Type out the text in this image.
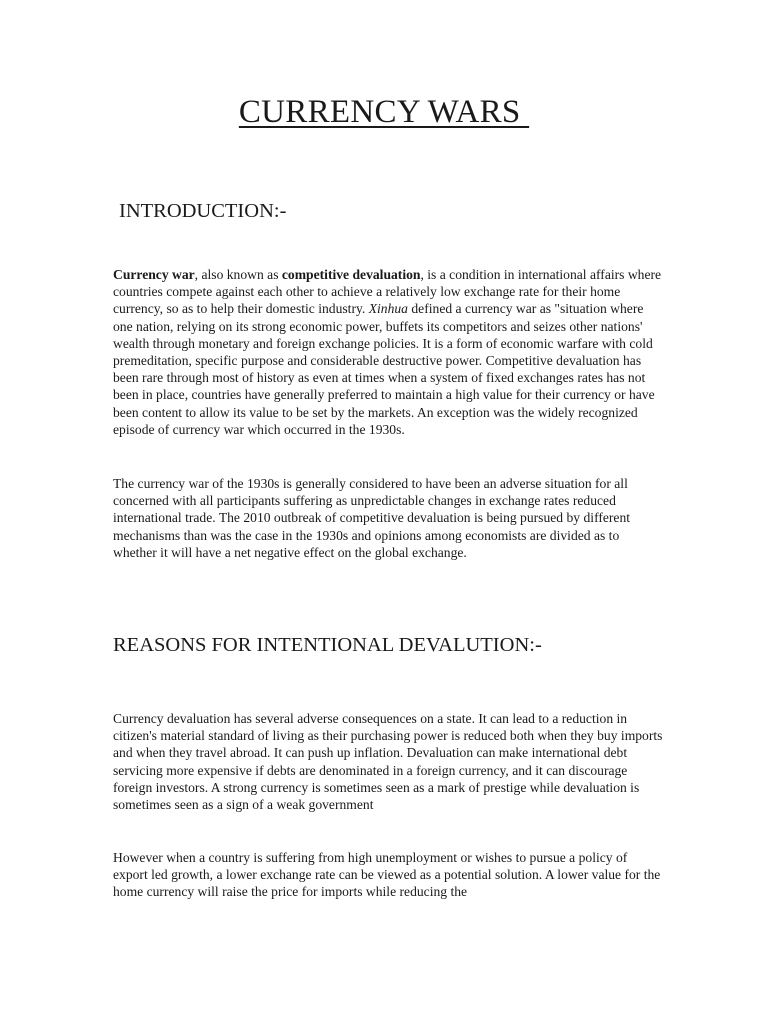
CURRENCY WARS
INTRODUCTION:-

Currency war, also known as competitive devaluation, is a condition in international affairs where countries compete against each other to achieve a relatively low exchange rate for their home currency, so as to help their domestic industry. Xinhua defined a currency war as "situation where one nation, relying on its strong economic power, buffets its competitors and seizes other nations' wealth through monetary and foreign exchange policies. It is a form of economic warfare with cold premeditation, specific purpose and considerable destructive power. Competitive devaluation has been rare through most of history as even at times when a system of fixed exchanges rates has not been in place, countries have generally preferred to maintain a high value for their currency or have been content to allow its value to be set by the markets. An exception was the widely recognized episode of currency war which occurred in the 1930s.

The currency war of the 1930s is generally considered to have been an adverse situation for all concerned with all participants suffering as unpredictable changes in exchange rates reduced international trade. The 2010 outbreak of competitive devaluation is being pursued by different mechanisms than was the case in the 1930s and opinions among economists are divided as to whether it will have a net negative effect on the global exchange.

REASONS FOR INTENTIONAL DEVALUTION:-

Currency devaluation has several adverse consequences on a state. It can lead to a reduction in citizen's material standard of living as their purchasing power is reduced both when they buy imports and when they travel abroad. It can push up inflation. Devaluation can make international debt servicing more expensive if debts are denominated in a foreign currency, and it can discourage foreign investors. A strong currency is sometimes seen as a mark of prestige while devaluation is sometimes seen as a sign of a weak government

However when a country is suffering from high unemployment or wishes to pursue a policy of export led growth, a lower exchange rate can be viewed as a potential solution. A lower value for the home currency will raise the price for imports while reducing the
